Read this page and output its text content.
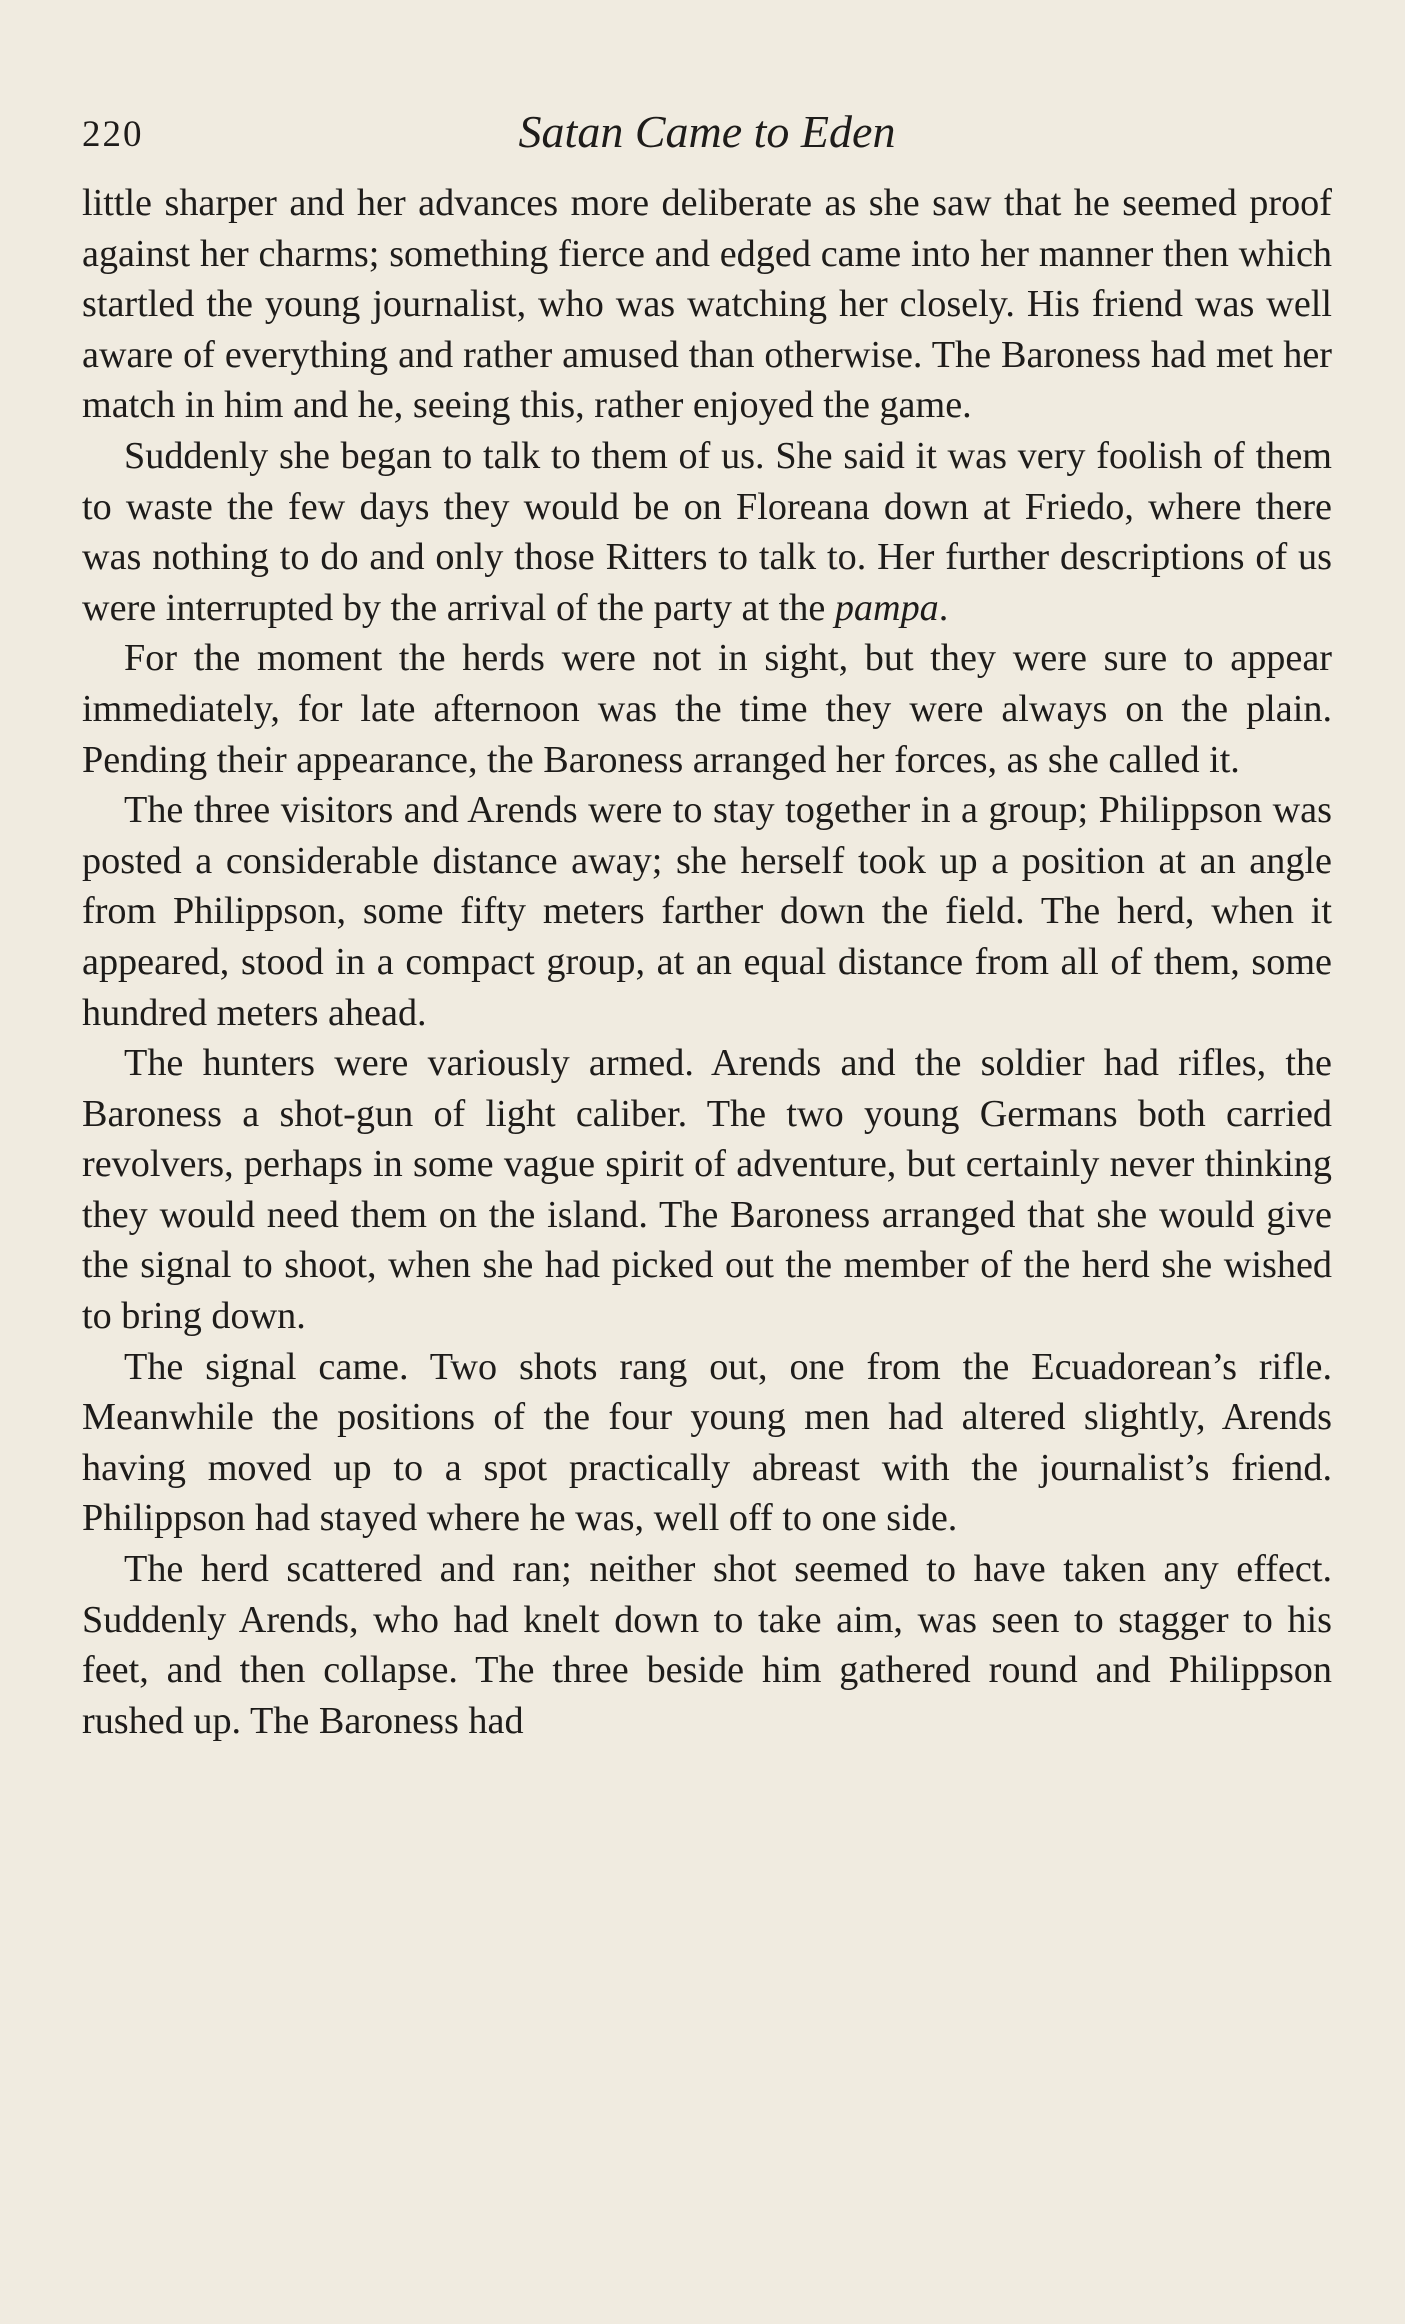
220	Satan Came to Eden

little sharper and her advances more deliberate as she saw that he seemed proof against her charms; something fierce and edged came into her manner then which startled the young journalist, who was watching her closely. His friend was well aware of everything and rather amused than otherwise. The Baroness had met her match in him and he, seeing this, rather enjoyed the game.

Suddenly she began to talk to them of us. She said it was very foolish of them to waste the few days they would be on Floreana down at Friedo, where there was nothing to do and only those Ritters to talk to. Her further descriptions of us were interrupted by the arrival of the party at the pampa.

For the moment the herds were not in sight, but they were sure to appear immediately, for late afternoon was the time they were always on the plain. Pending their appearance, the Baroness arranged her forces, as she called it.

The three visitors and Arends were to stay together in a group; Philippson was posted a considerable distance away; she herself took up a position at an angle from Philippson, some fifty meters farther down the field. The herd, when it appeared, stood in a compact group, at an equal distance from all of them, some hundred meters ahead.

The hunters were variously armed. Arends and the soldier had rifles, the Baroness a shot-gun of light caliber. The two young Germans both carried revolvers, perhaps in some vague spirit of adventure, but certainly never thinking they would need them on the island. The Baroness arranged that she would give the signal to shoot, when she had picked out the member of the herd she wished to bring down.

The signal came. Two shots rang out, one from the Ecuadorean’s rifle. Meanwhile the positions of the four young men had altered slightly, Arends having moved up to a spot practically abreast with the journalist’s friend. Philippson had stayed where he was, well off to one side.

The herd scattered and ran; neither shot seemed to have taken any effect. Suddenly Arends, who had knelt down to take aim, was seen to stagger to his feet, and then collapse. The three beside him gathered round and Philippson rushed up. The Baroness had
